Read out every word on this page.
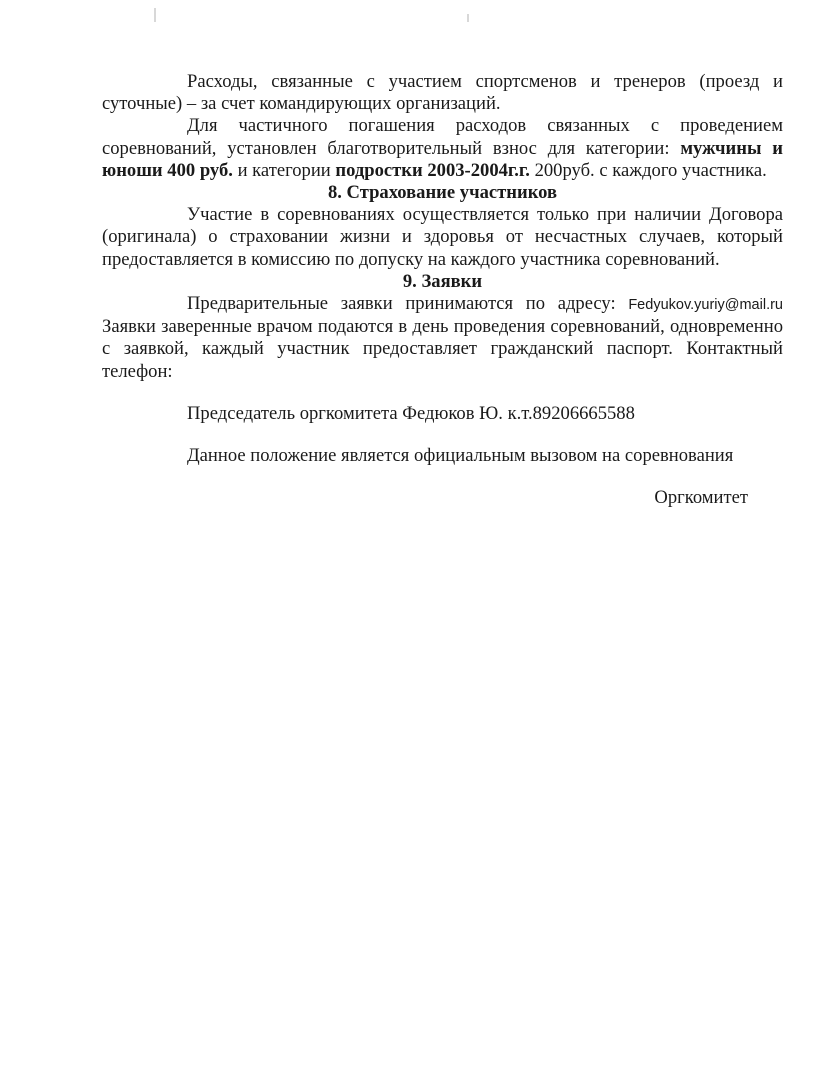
Расходы, связанные с участием спортсменов и тренеров (проезд и суточные) – за счет командирующих организаций.

Для частичного погашения расходов связанных с проведением соревнований, установлен благотворительный взнос для категории: мужчины и юноши 400 руб. и категории подростки 2003-2004г.г. 200руб. с каждого участника.

8. Страхование участников

Участие в соревнованиях осуществляется только при наличии Договора (оригинала) о страховании жизни и здоровья от несчастных случаев, который предоставляется в комиссию по допуску на каждого участника соревнований.

9. Заявки

Предварительные заявки принимаются по адресу: Fedyukov.yuriy@mail.ru Заявки заверенные врачом подаются в день проведения соревнований, одновременно с заявкой, каждый участник предоставляет гражданский паспорт. Контактный телефон:

Председатель оргкомитета Федюков Ю. к.т.89206665588

Данное положение является официальным вызовом на соревнования

Оргкомитет
